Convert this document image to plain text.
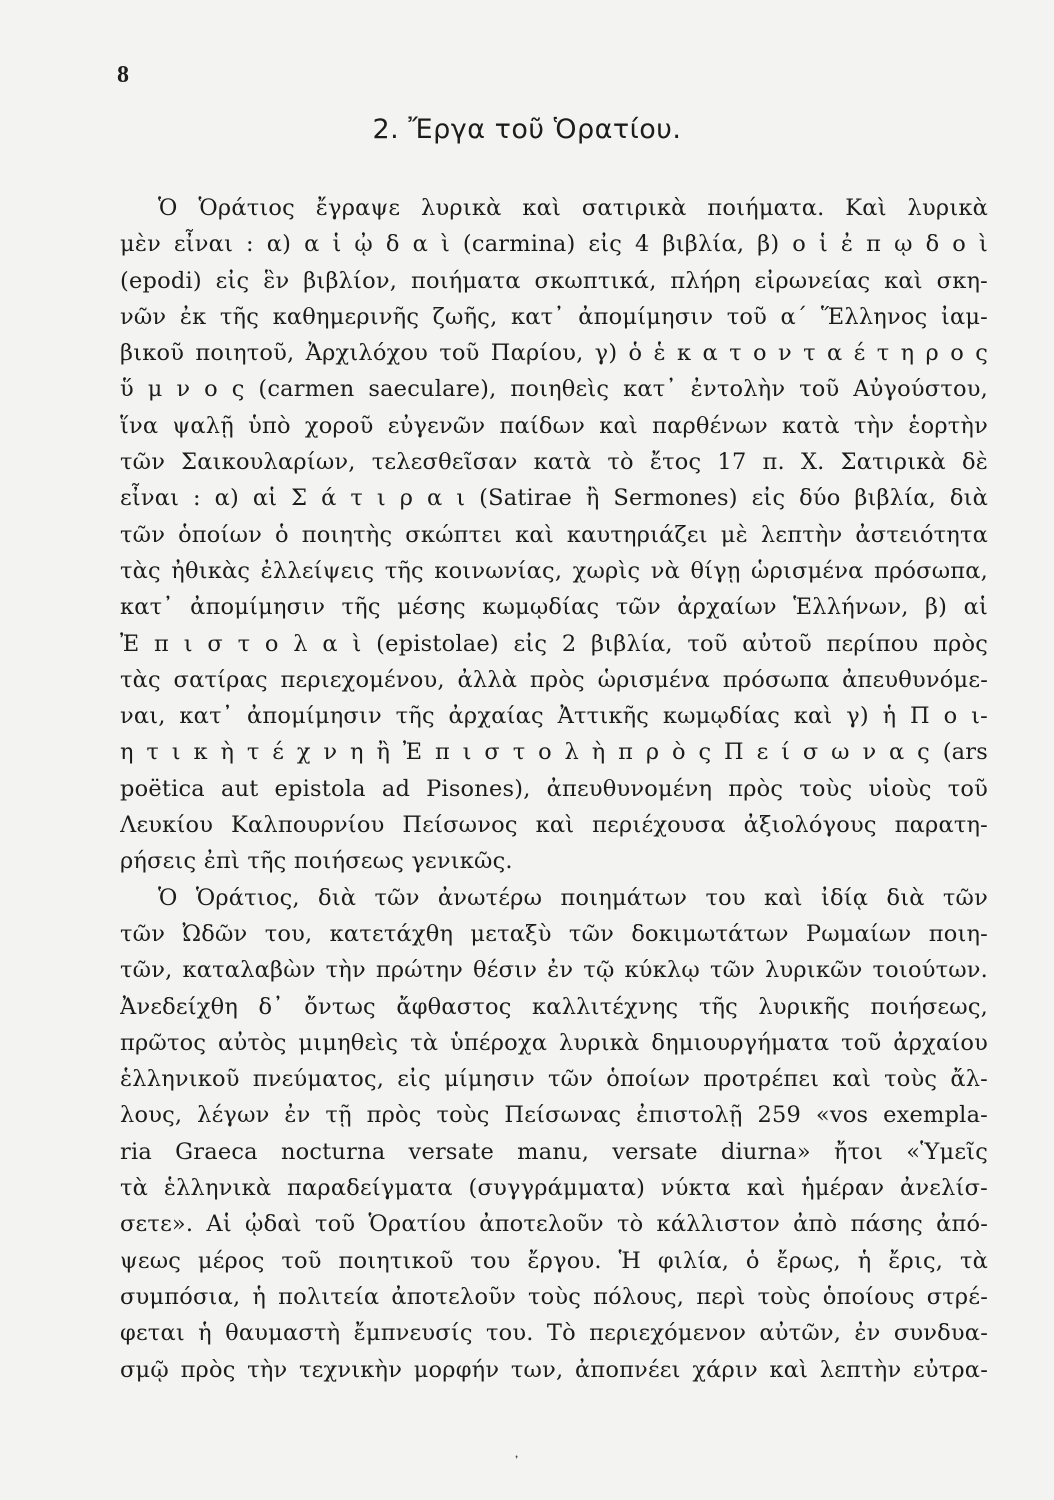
8
2. Ἔργα τοῦ Ὁρατίου.
Ὁ Ὁράτιος ἔγραψε λυρικὰ καὶ σατιρικὰ ποιήματα. Καὶ λυρικὰ
μὲν εἶναι : α) α ἱ ᾠ δ α ὶ (carmina) εἰς 4 βιβλία, β) ο ἱ ἐ π ῳ δ ο ὶ
(epodi) εἰς ἓν βιβλίον, ποιήματα σκωπτικά, πλήρη εἰρωνείας καὶ σκη-
νῶν ἐκ τῆς καθημερινῆς ζωῆς, κατ᾿ ἀπομίμησιν τοῦ α΄ Ἕλληνος ἰαμ-
βικοῦ ποιητοῦ, Ἀρχιλόχου τοῦ Παρίου, γ) ὁ ἑ κ α τ ο ν τ α έ τ η ρ ο ς
ὕ μ ν ο ς (carmen saeculare), ποιηθεὶς κατ᾿ ἐντολὴν τοῦ Αὐγούστου,
ἵνα ψαλῇ ὑπὸ χοροῦ εὐγενῶν παίδων καὶ παρθένων κατὰ τὴν ἑορτὴν
τῶν Σαικουλαρίων, τελεσθεῖσαν κατὰ τὸ ἔτος 17 π. Χ. Σατιρικὰ δὲ
εἶναι : α) αἱ Σ ά τ ι ρ α ι (Satirae ἢ Sermones) εἰς δύο βιβλία, διὰ
τῶν ὁποίων ὁ ποιητὴς σκώπτει καὶ καυτηριάζει μὲ λεπτὴν ἀστειότητα
τὰς ἠθικὰς ἐλλείψεις τῆς κοινωνίας, χωρὶς νὰ θίγῃ ὡρισμένα πρόσωπα,
κατ᾿ ἀπομίμησιν τῆς μέσης κωμῳδίας τῶν ἀρχαίων Ἑλλήνων, β) αἱ
Ἐ π ι σ τ ο λ α ὶ (epistolae) εἰς 2 βιβλία, τοῦ αὐτοῦ περίπου πρὸς
τὰς σατίρας περιεχομένου, ἀλλὰ πρὸς ὡρισμένα πρόσωπα ἀπευθυνόμε-
ναι, κατ᾿ ἀπομίμησιν τῆς ἀρχαίας Ἀττικῆς κωμῳδίας καὶ γ) ἡ Π ο ι-
η τ ι κ ὴ τ έ χ ν η ἢ Ἐ π ι σ τ ο λ ὴ π ρ ὸ ς Π ε ί σ ω ν α ς (ars
poëtica aut epistola ad Pisones), ἀπευθυνομένη πρὸς τοὺς υἱοὺς τοῦ
Λευκίου Καλπουρνίου Πείσωνος καὶ περιέχουσα ἀξιολόγους παρατη-
ρήσεις ἐπὶ τῆς ποιήσεως γενικῶς.
Ὁ Ὁράτιος, διὰ τῶν ἀνωτέρω ποιημάτων του καὶ ἰδίᾳ διὰ τῶν
τῶν Ὠδῶν του, κατετάχθη μεταξὺ τῶν δοκιμωτάτων Ρωμαίων ποιη-
τῶν, καταλαβὼν τὴν πρώτην θέσιν ἐν τῷ κύκλῳ τῶν λυρικῶν τοιούτων.
Ἀνεδείχθη δ᾿ ὄντως ἄφθαστος καλλιτέχνης τῆς λυρικῆς ποιήσεως,
πρῶτος αὐτὸς μιμηθεὶς τὰ ὑπέροχα λυρικὰ δημιουργήματα τοῦ ἀρχαίου
ἑλληνικοῦ πνεύματος, εἰς μίμησιν τῶν ὁποίων προτρέπει καὶ τοὺς ἄλ-
λους, λέγων ἐν τῇ πρὸς τοὺς Πείσωνας ἐπιστολῇ 259 «vos exempla-
ria Graeca nocturna versate manu, versate diurna» ἤτοι «Ὑμεῖς
τὰ ἑλληνικὰ παραδείγματα (συγγράμματα) νύκτα καὶ ἡμέραν ἀνελίσ-
σετε». Αἱ ᾠδαὶ τοῦ Ὁρατίου ἀποτελοῦν τὸ κάλλιστον ἀπὸ πάσης ἀπό-
ψεως μέρος τοῦ ποιητικοῦ του ἔργου. Ἡ φιλία, ὁ ἔρως, ἡ ἔρις, τὰ
συμπόσια, ἡ πολιτεία ἀποτελοῦν τοὺς πόλους, περὶ τοὺς ὁποίους στρέ-
φεται ἡ θαυμαστὴ ἔμπνευσίς του. Τὸ περιεχόμενον αὐτῶν, ἐν συνδυα-
σμῷ πρὸς τὴν τεχνικὴν μορφήν των, ἀποπνέει χάριν καὶ λεπτὴν εὐτρα-
᾿
